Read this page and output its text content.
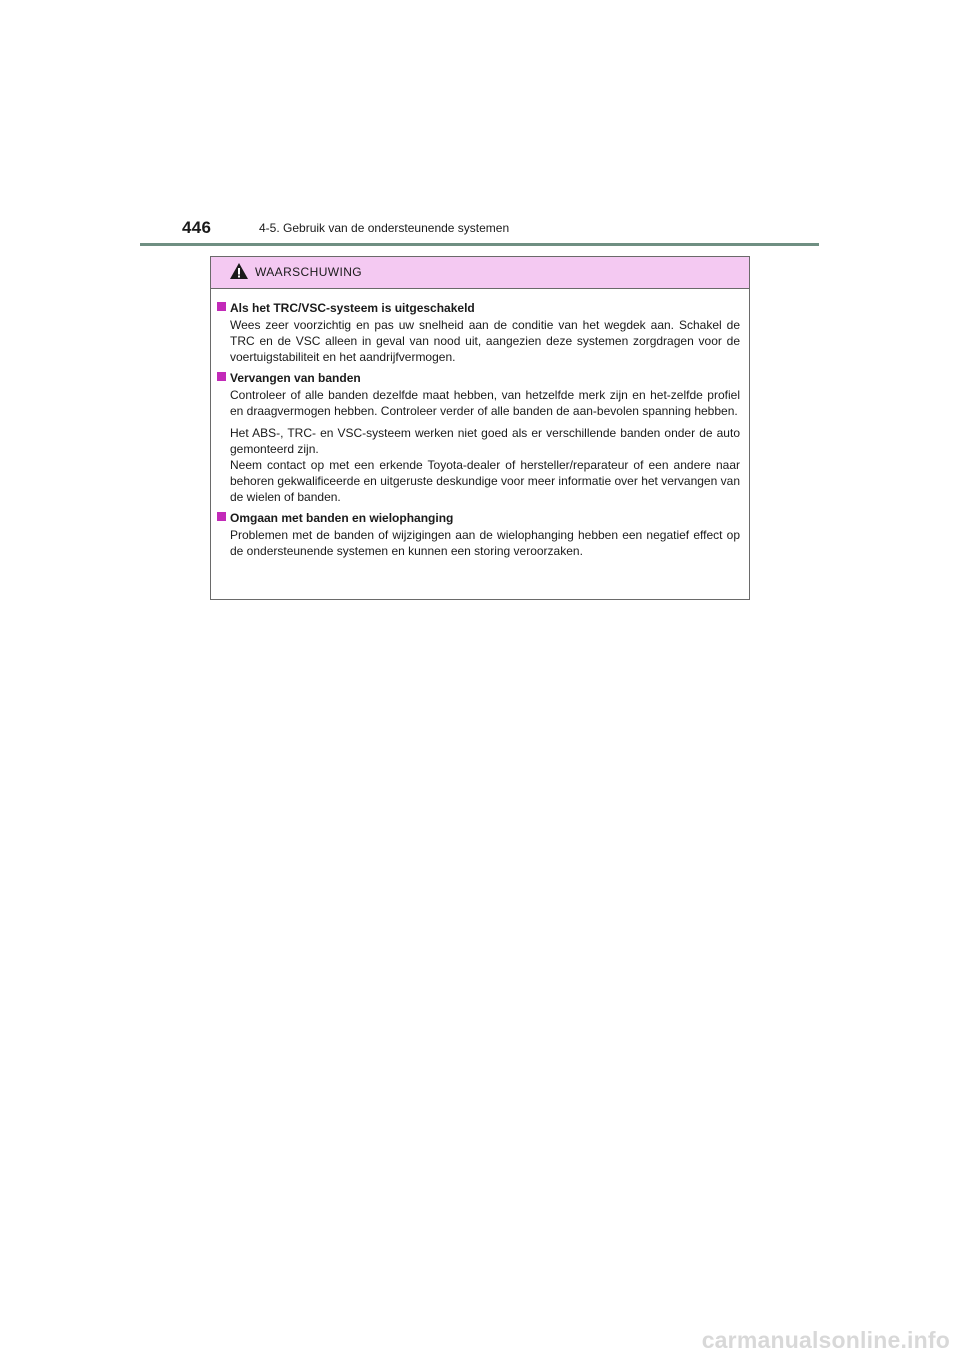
446	4-5. Gebruik van de ondersteunende systemen
WAARSCHUWING
Als het TRC/VSC-systeem is uitgeschakeld
Wees zeer voorzichtig en pas uw snelheid aan de conditie van het wegdek aan. Schakel de TRC en de VSC alleen in geval van nood uit, aangezien deze systemen zorgdragen voor de voertuigstabiliteit en het aandrijfvermogen.
Vervangen van banden
Controleer of alle banden dezelfde maat hebben, van hetzelfde merk zijn en het-zelfde profiel en draagvermogen hebben. Controleer verder of alle banden de aan-bevolen spanning hebben.
Het ABS-, TRC- en VSC-systeem werken niet goed als er verschillende banden onder de auto gemonteerd zijn.
Neem contact op met een erkende Toyota-dealer of hersteller/reparateur of een andere naar behoren gekwalificeerde en uitgeruste deskundige voor meer informatie over het vervangen van de wielen of banden.
Omgaan met banden en wielophanging
Problemen met de banden of wijzigingen aan de wielophanging hebben een negatief effect op de ondersteunende systemen en kunnen een storing veroorzaken.
carmanualsonline.info
